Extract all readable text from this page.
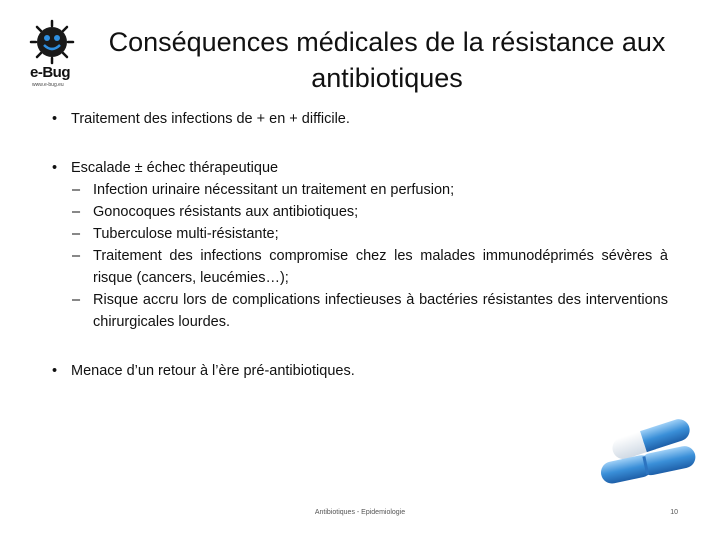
e-Bug
www.e-bug.eu
Conséquences médicales de la résistance aux antibiotiques
• Traitement des infections de + en + difficile.
• Escalade ± échec thérapeutique
– Infection urinaire nécessitant un traitement en perfusion;
– Gonocoques résistants aux antibiotiques;
– Tuberculose multi-résistante;
– Traitement des infections compromise chez les malades immunodéprimés sévères à risque (cancers, leucémies…);
– Risque accru lors de complications infectieuses à bactéries résistantes des interventions chirurgicales lourdes.
• Menace d’un retour à l’ère pré-antibiotiques.
Antibiotiques - Epidemiologie	10
